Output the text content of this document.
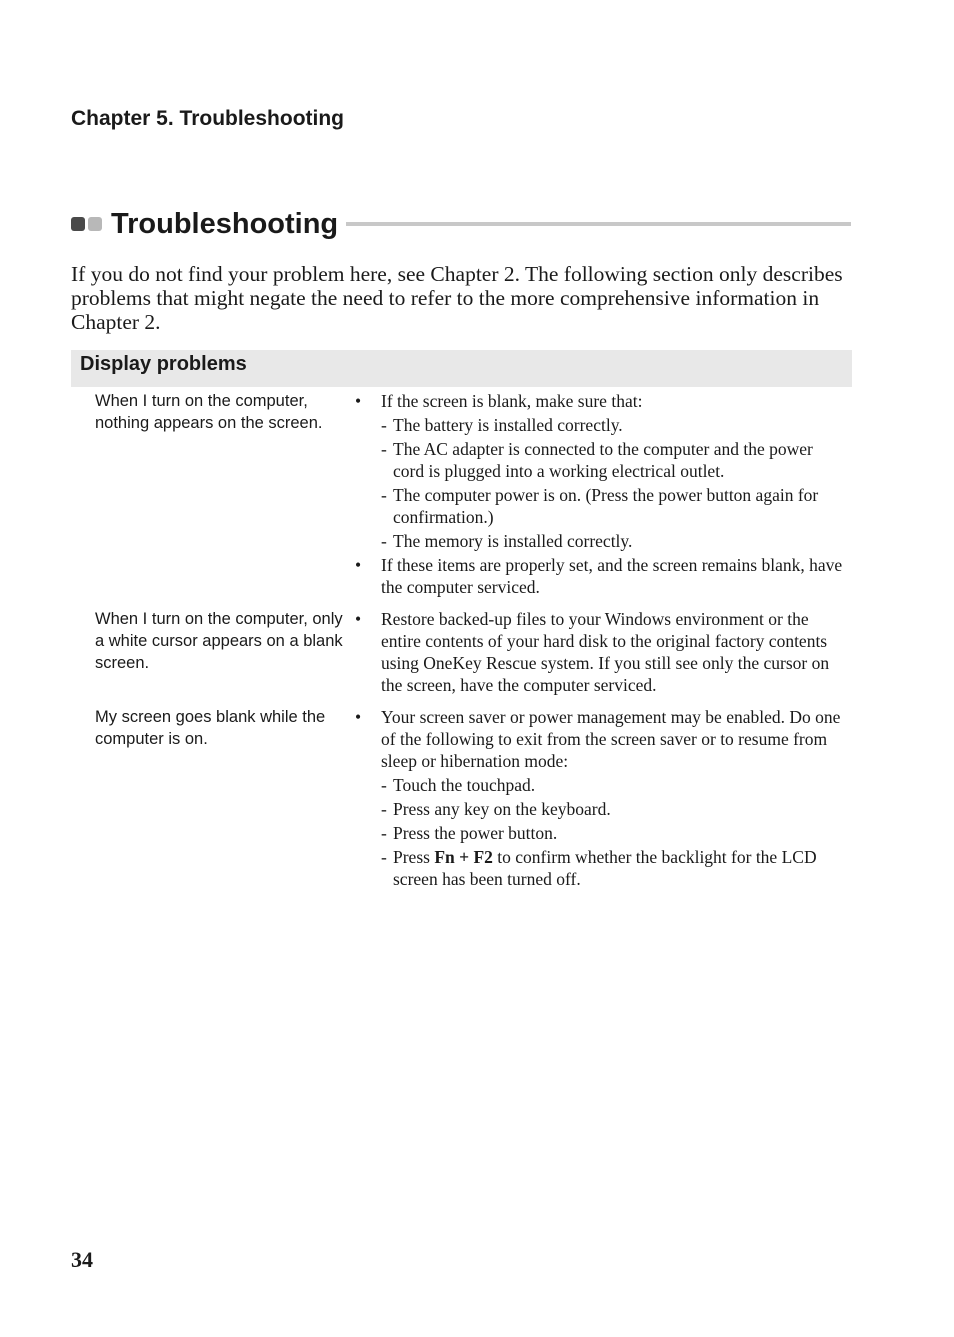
Chapter 5. Troubleshooting
Troubleshooting

If you do not find your problem here, see Chapter 2. The following section only describes problems that might negate the need to refer to the more comprehensive information in Chapter 2.

Display problems
When I turn on the computer, nothing appears on the screen.
• If the screen is blank, make sure that:
- The battery is installed correctly.
- The AC adapter is connected to the computer and the power cord is plugged into a working electrical outlet.
- The computer power is on. (Press the power button again for confirmation.)
- The memory is installed correctly.
• If these items are properly set, and the screen remains blank, have the computer serviced.
When I turn on the computer, only a white cursor appears on a blank screen.
• Restore backed-up files to your Windows environment or the entire contents of your hard disk to the original factory contents using OneKey Rescue system. If you still see only the cursor on the screen, have the computer serviced.
My screen goes blank while the computer is on.
• Your screen saver or power management may be enabled. Do one of the following to exit from the screen saver or to resume from sleep or hibernation mode:
- Touch the touchpad.
- Press any key on the keyboard.
- Press the power button.
- Press Fn + F2 to confirm whether the backlight for the LCD screen has been turned off.
34
